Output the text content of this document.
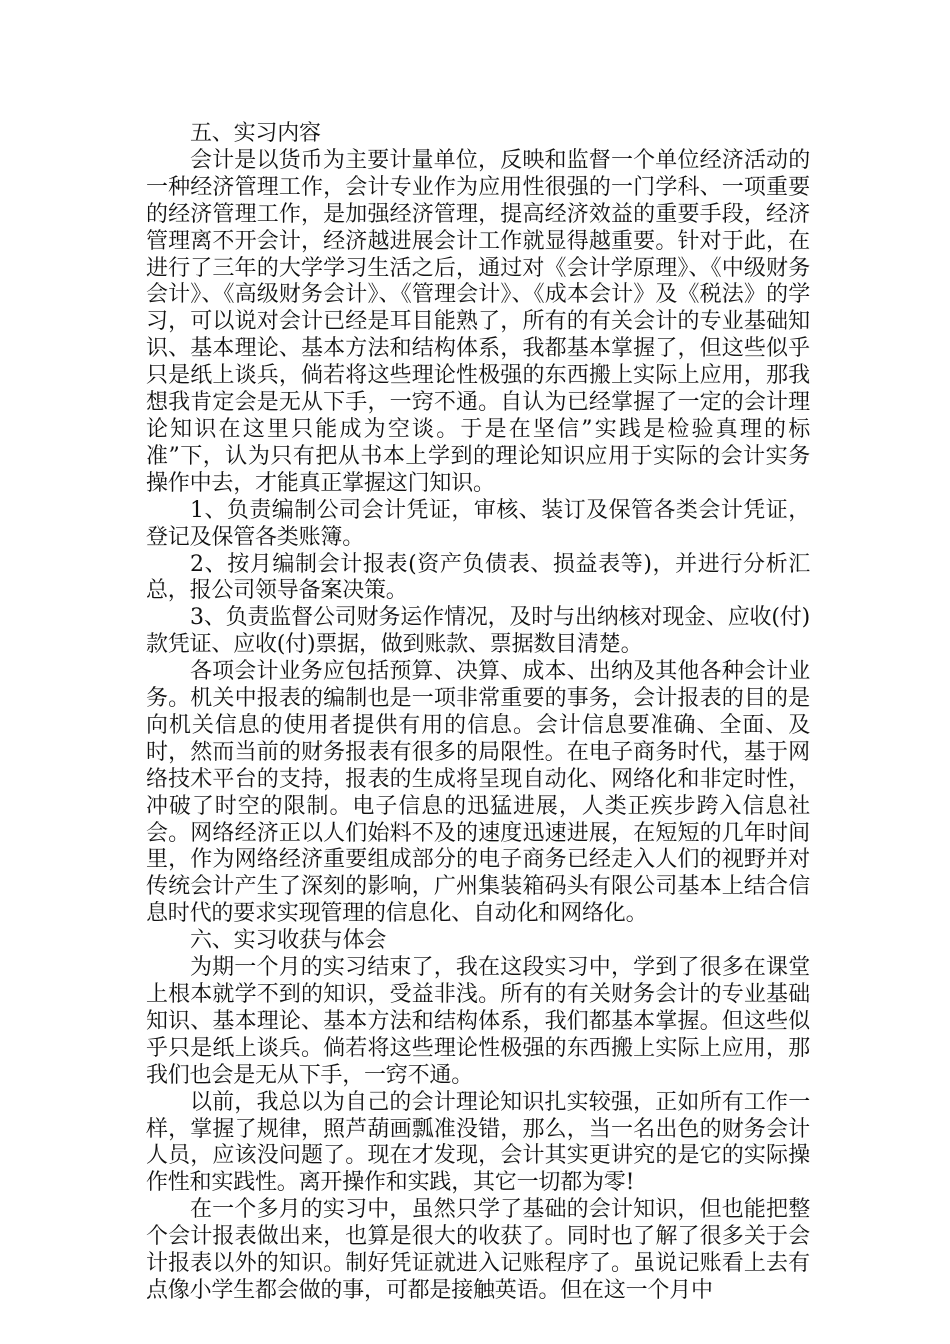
五、实习内容

会计是以货币为主要计量单位，反映和监督一个单位经济活动的一种经济管理工作，会计专业作为应用性很强的一门学科、一项重要的经济管理工作，是加强经济管理，提高经济效益的重要手段，经济管理离不开会计，经济越进展会计工作就显得越重要。针对于此，在进行了三年的大学学习生活之后，通过对《会计学原理》、《中级财务会计》、《高级财务会计》、《管理会计》、《成本会计》及《税法》的学习，可以说对会计已经是耳目能熟了，所有的有关会计的专业基础知识、基本理论、基本方法和结构体系，我都基本掌握了，但这些似乎只是纸上谈兵，倘若将这些理论性极强的东西搬上实际上应用，那我想我肯定会是无从下手，一窍不通。自认为已经掌握了一定的会计理论知识在这里只能成为空谈。于是在坚信”实践是检验真理的标准”下，认为只有把从书本上学到的理论知识应用于实际的会计实务操作中去，才能真正掌握这门知识。

1、负责编制公司会计凭证，审核、装订及保管各类会计凭证，登记及保管各类账簿。

2、按月编制会计报表(资产负债表、损益表等)，并进行分析汇总，报公司领导备案决策。

3、负责监督公司财务运作情况，及时与出纳核对现金、应收(付)款凭证、应收(付)票据，做到账款、票据数目清楚。

各项会计业务应包括预算、决算、成本、出纳及其他各种会计业务。机关中报表的编制也是一项非常重要的事务，会计报表的目的是向机关信息的使用者提供有用的信息。会计信息要准确、全面、及时，然而当前的财务报表有很多的局限性。在电子商务时代，基于网络技术平台的支持，报表的生成将呈现自动化、网络化和非定时性，冲破了时空的限制。电子信息的迅猛进展，人类正疾步跨入信息社会。网络经济正以人们始料不及的速度迅速进展，在短短的几年时间里，作为网络经济重要组成部分的电子商务已经走入人们的视野并对传统会计产生了深刻的影响，广州集装箱码头有限公司基本上结合信息时代的要求实现管理的信息化、自动化和网络化。

六、实习收获与体会

为期一个月的实习结束了，我在这段实习中，学到了很多在课堂上根本就学不到的知识，受益非浅。所有的有关财务会计的专业基础知识、基本理论、基本方法和结构体系，我们都基本掌握。但这些似乎只是纸上谈兵。倘若将这些理论性极强的东西搬上实际上应用，那我们也会是无从下手，一窍不通。

以前，我总以为自己的会计理论知识扎实较强，正如所有工作一样，掌握了规律，照芦葫画瓢准没错，那么，当一名出色的财务会计人员，应该没问题了。现在才发现，会计其实更讲究的是它的实际操作性和实践性。离开操作和实践，其它一切都为零!

在一个多月的实习中，虽然只学了基础的会计知识，但也能把整个会计报表做出来，也算是很大的收获了。同时也了解了很多关于会计报表以外的知识。制好凭证就进入记账程序了。虽说记账看上去有点像小学生都会做的事，可都是接触英语。但在这一个月中
